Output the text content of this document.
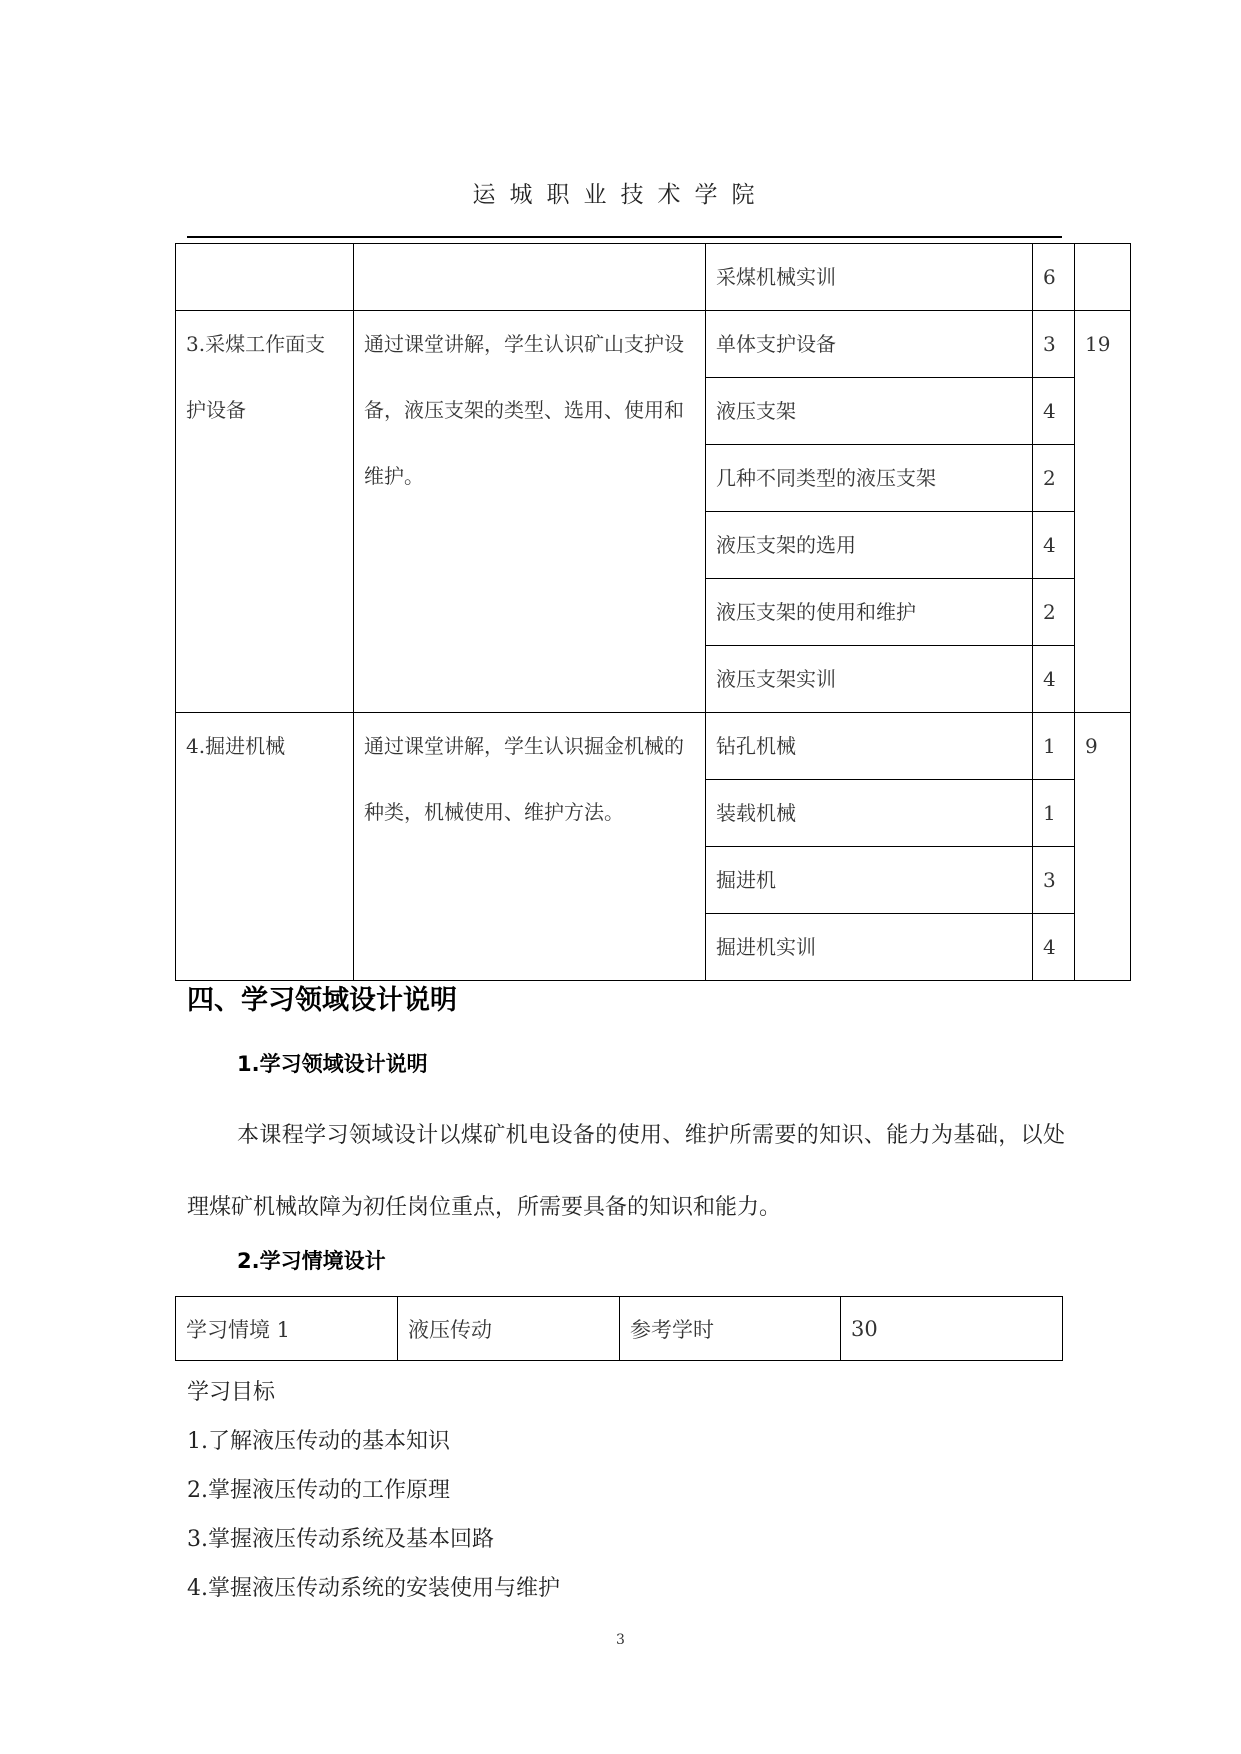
运城职业技术学院

		采煤机械实训	6	

3.采煤工作面支护设备	通过课堂讲解，学生认识矿山支护设备，液压支架的类型、选用、使用和维护。	单体支护设备	3	19

		液压支架	4	

		几种不同类型的液压支架	2	

		液压支架的选用	4	

		液压支架的使用和维护	2	

		液压支架实训	4	

4.掘进机械	通过课堂讲解，学生认识掘金机械的种类，机械使用、维护方法。	钻孔机械	1	9

		装载机械	1	

		掘进机	3	

		掘进机实训	4	
四、学习领域设计说明
1.学习领域设计说明
本课程学习领域设计以煤矿机电设备的使用、维护所需要的知识、能力为基础，以处理煤矿机械故障为初任岗位重点，所需要具备的知识和能力。
2.学习情境设计
学习情境 1	液压传动	参考学时	30
学习目标
1.了解液压传动的基本知识
2.掌握液压传动的工作原理
3.掌握液压传动系统及基本回路
4.掌握液压传动系统的安装使用与维护
3
